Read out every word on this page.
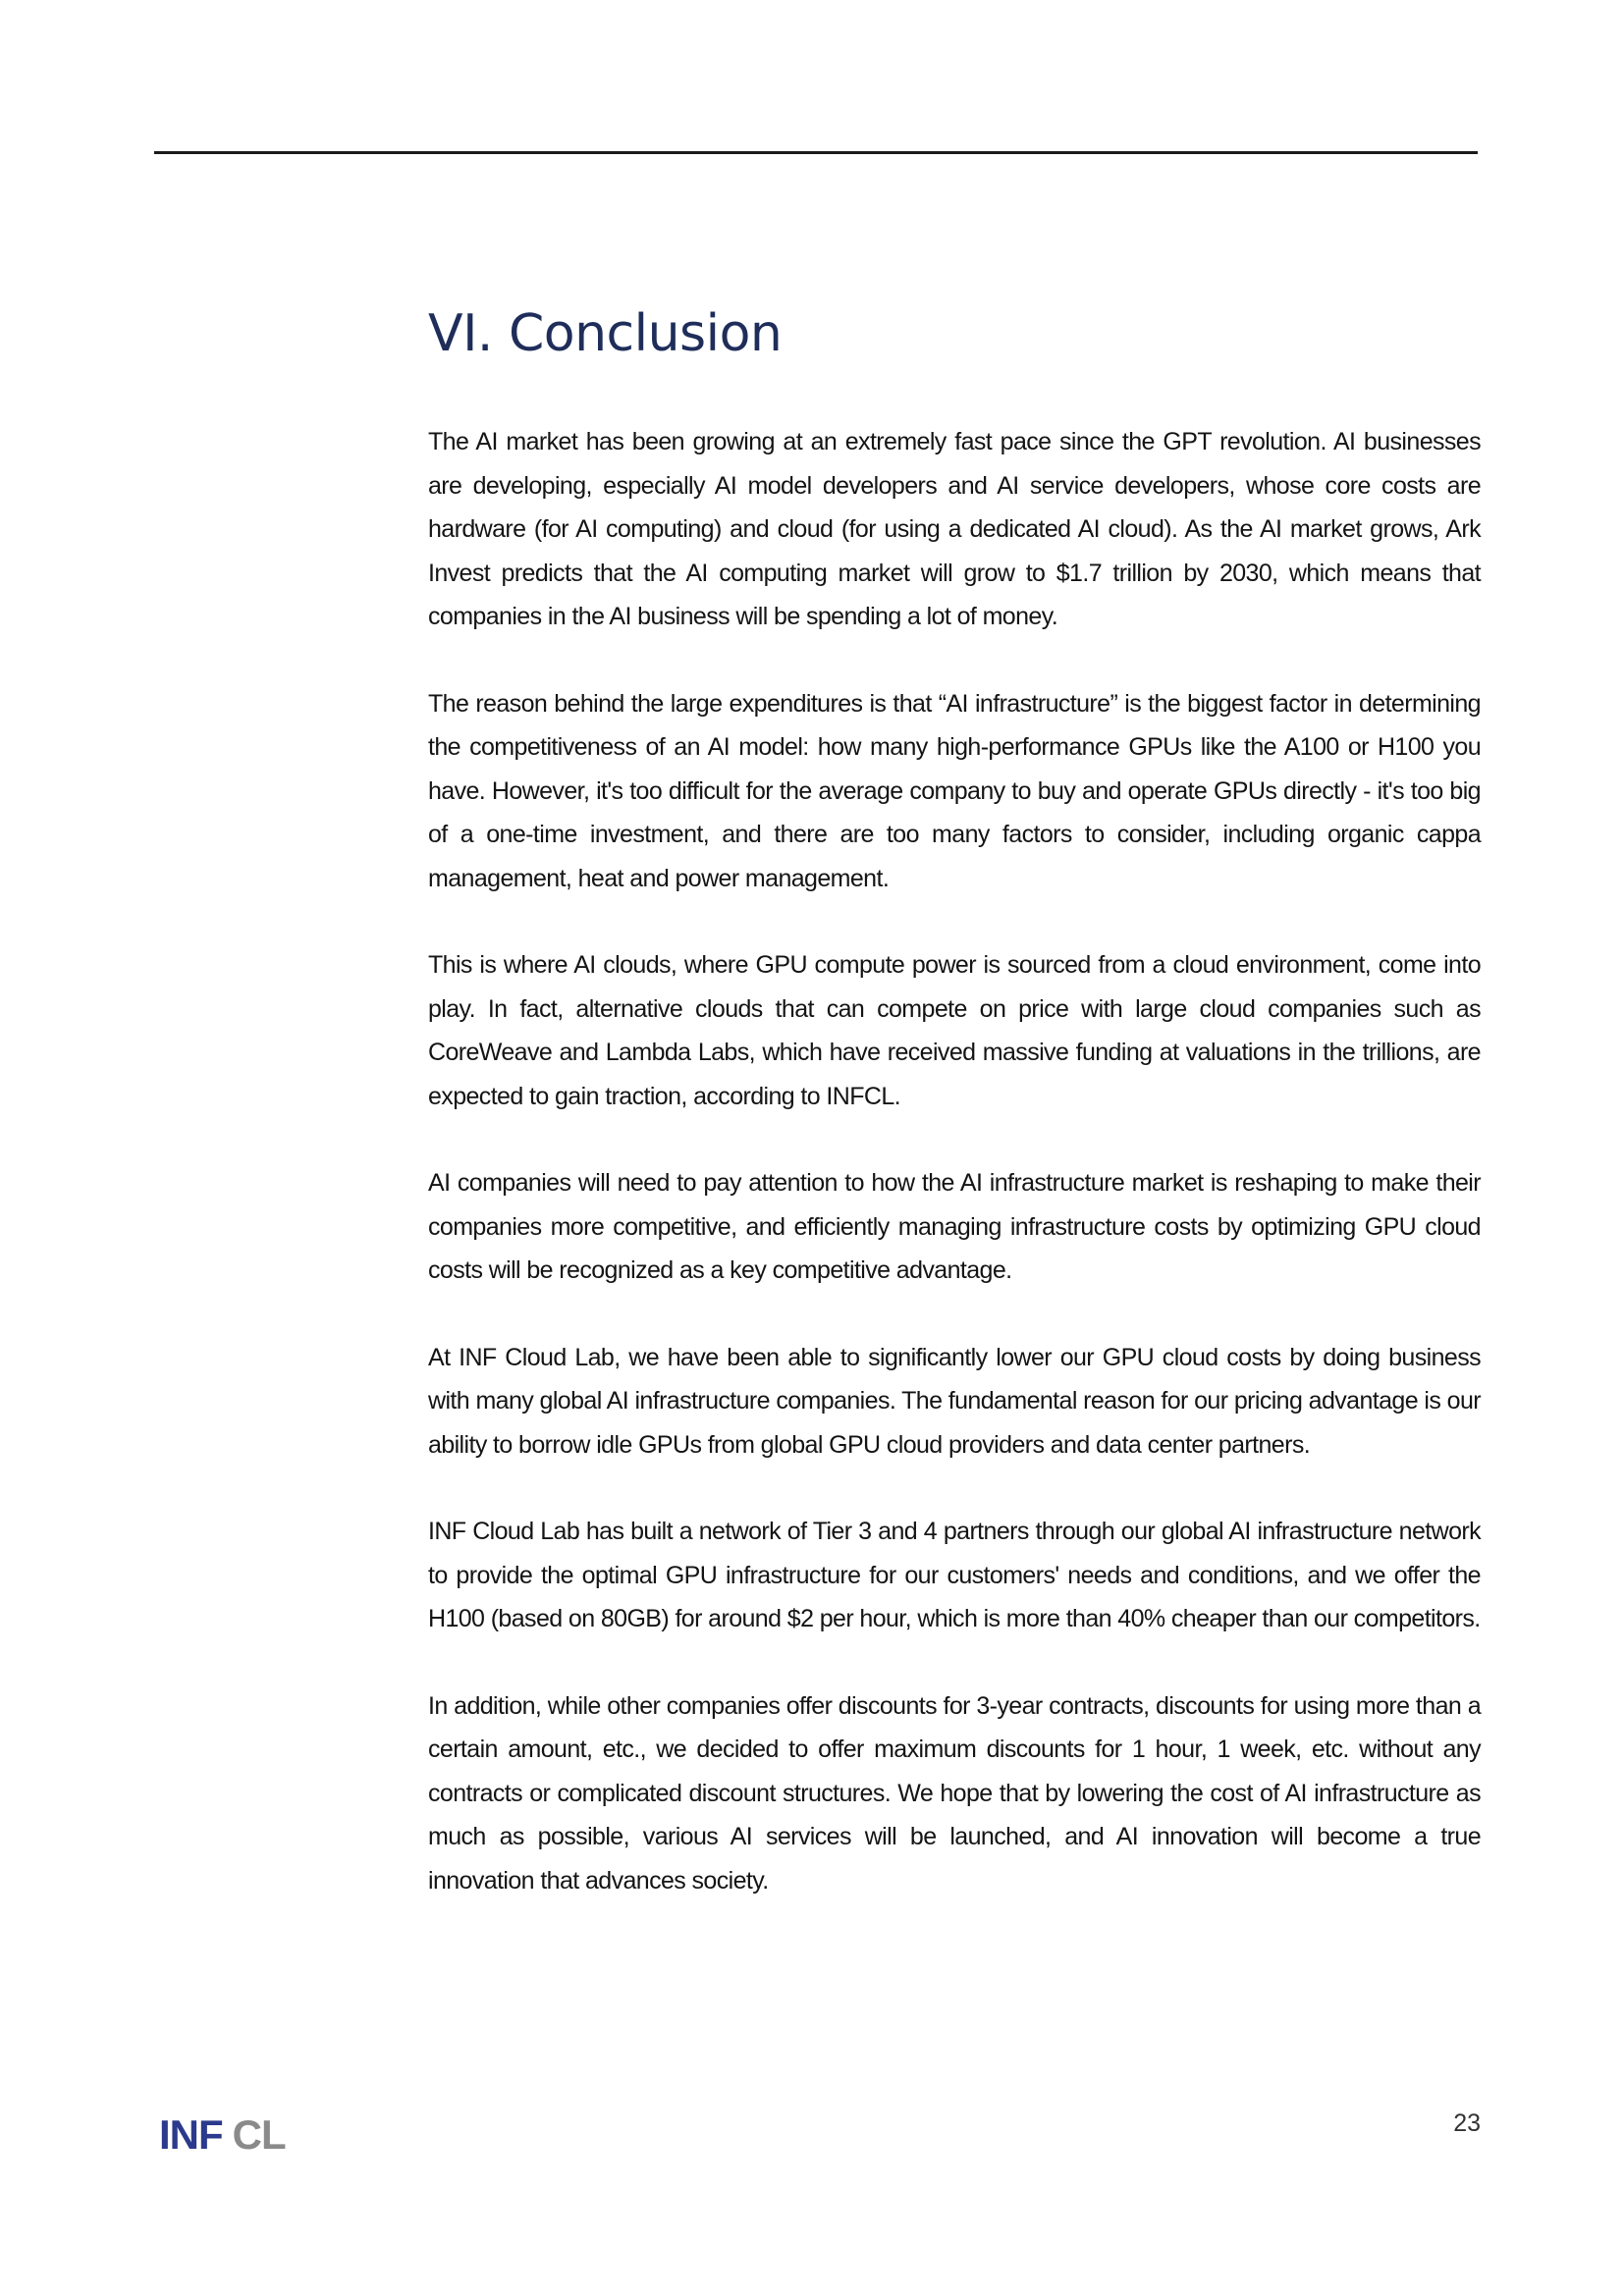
VI. Conclusion

The AI market has been growing at an extremely fast pace since the GPT revolution. AI businesses are developing, especially AI model developers and AI service developers, whose core costs are hardware (for AI computing) and cloud (for using a dedicated AI cloud). As the AI market grows, Ark Invest predicts that the AI computing market will grow to $1.7 trillion by 2030, which means that companies in the AI business will be spending a lot of money.

The reason behind the large expenditures is that “AI infrastructure” is the biggest factor in determining the competitiveness of an AI model: how many high-performance GPUs like the A100 or H100 you have. However, it's too difficult for the average company to buy and operate GPUs directly - it's too big of a one-time investment, and there are too many factors to consider, including organic cappa management, heat and power management.

This is where AI clouds, where GPU compute power is sourced from a cloud environment, come into play. In fact, alternative clouds that can compete on price with large cloud companies such as CoreWeave and Lambda Labs, which have received massive funding at valuations in the trillions, are expected to gain traction, according to INFCL.

AI companies will need to pay attention to how the AI infrastructure market is reshaping to make their companies more competitive, and efficiently managing infrastructure costs by optimizing GPU cloud costs will be recognized as a key competitive advantage.

At INF Cloud Lab, we have been able to significantly lower our GPU cloud costs by doing business with many global AI infrastructure companies. The fundamental reason for our pricing advantage is our ability to borrow idle GPUs from global GPU cloud providers and data center partners.

INF Cloud Lab has built a network of Tier 3 and 4 partners through our global AI infrastructure network to provide the optimal GPU infrastructure for our customers' needs and conditions, and we offer the H100 (based on 80GB) for around $2 per hour, which is more than 40% cheaper than our competitors.

In addition, while other companies offer discounts for 3-year contracts, discounts for using more than a certain amount, etc., we decided to offer maximum discounts for 1 hour, 1 week, etc. without any contracts or complicated discount structures. We hope that by lowering the cost of AI infrastructure as much as possible, various AI services will be launched, and AI innovation will become a true innovation that advances society.

INF CL	23
